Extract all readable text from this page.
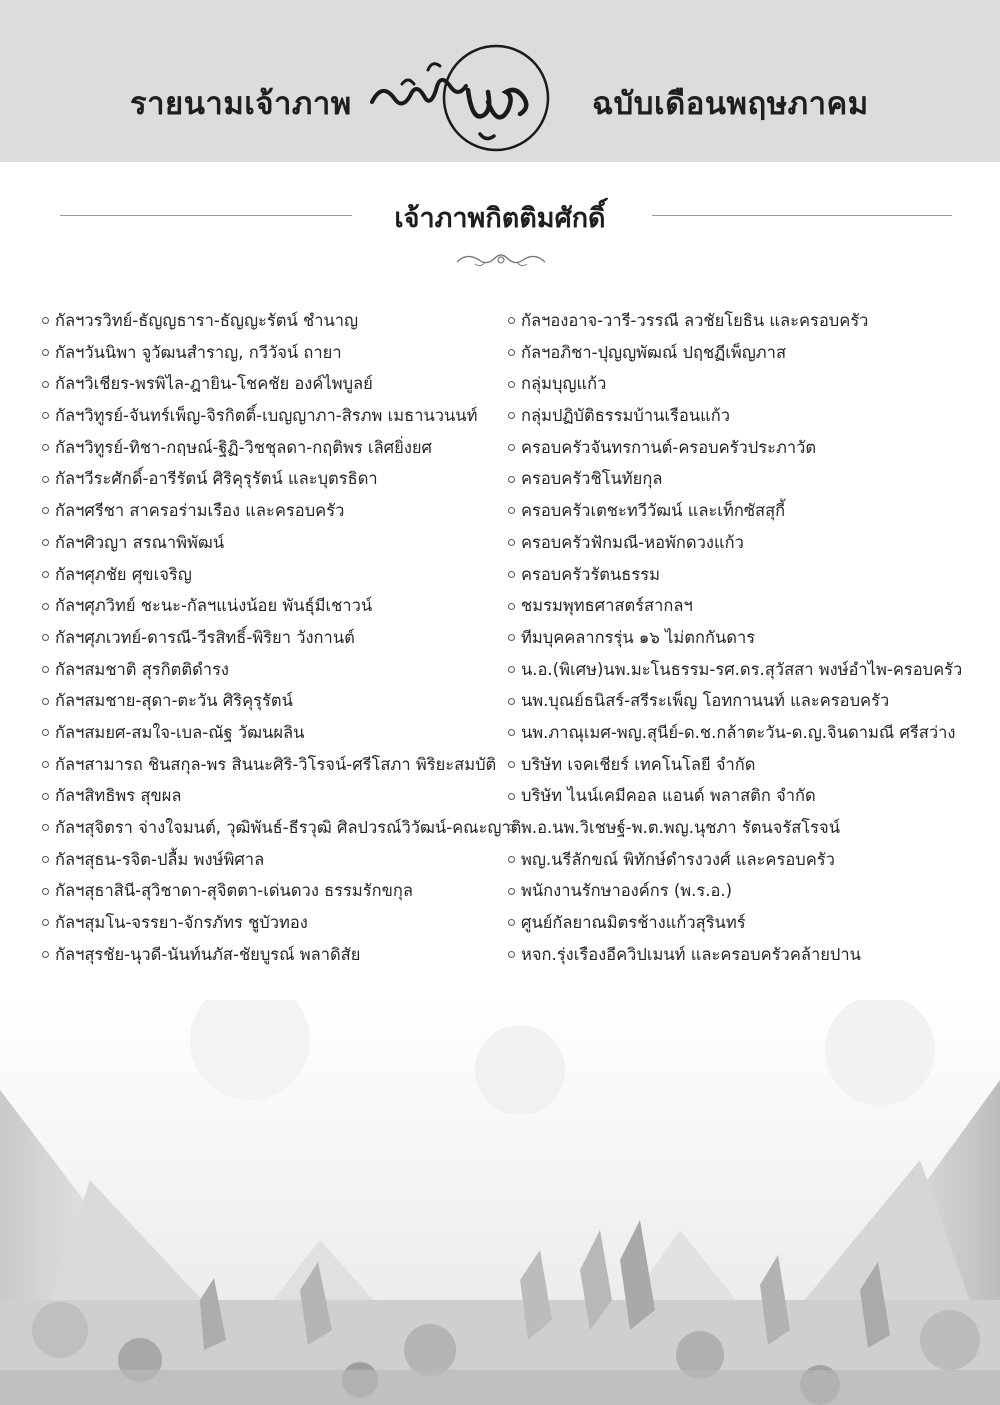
รายนามเจ้าภาพ	ฉบับเดือนพฤษภาคม
เจ้าภาพกิตติมศักดิ์
กัลฯวรวิทย์-ธัญญธารา-ธัญญะรัตน์ ชำนาญ
กัลฯวันนิพา จูวัฒนสำราญ, กวีวัจน์ ถายา
กัลฯวิเชียร-พรพิไล-ฎายิน-โชคชัย องค์ไพบูลย์
กัลฯวิทูรย์-จันทร์เพ็ญ-จิรกิตติ์-เบญญาภา-สิรภพ เมธานวนนท์
กัลฯวิทูรย์-ทิชา-กฤษณ์-ฐิฏิ-วิชชุลดา-กฤติพร เลิศยิ่งยศ
กัลฯวีระศักดิ์-อารีรัตน์ ศิริคุรุรัตน์ และบุตรธิดา
กัลฯศรีชา สาครอร่ามเรือง และครอบครัว
กัลฯศิวญา สรณาพิพัฒน์
กัลฯศุภชัย ศุขเจริญ
กัลฯศุภวิทย์ ชะนะ-กัลฯแน่งน้อย พันธุ์มีเชาวน์
กัลฯศุภเวทย์-ดารณี-วีรสิทธิ์-พิริยา วังกานต์
กัลฯสมชาติ สุรกิตติดำรง
กัลฯสมชาย-สุดา-ตะวัน ศิริคุรุรัตน์
กัลฯสมยศ-สมใจ-เบล-ณัฐ วัฒนผลิน
กัลฯสามารถ ชินสกุล-พร สินนะศิริ-วิโรจน์-ศรีโสภา พิริยะสมบัติ
กัลฯสิทธิพร สุขผล
กัลฯสุจิตรา จ่างใจมนต์, วุฒิพันธ์-ธีรวุฒิ ศิลปวรณ์วิวัฒน์-คณะญาติ
กัลฯสุธน-รจิต-ปลื้ม พงษ์พิศาล
กัลฯสุธาสินี-สุวิชาดา-สุจิตตา-เด่นดวง ธรรมรักขกุล
กัลฯสุมโน-จรรยา-จักรภัทร ชูบัวทอง
กัลฯสุรชัย-นุวดี-นันท์นภัส-ชัยบูรณ์ พลาดิสัย
กัลฯองอาจ-วารี-วรรณี ลวชัยโยธิน และครอบครัว
กัลฯอภิชา-ปุญญพัฒณ์ ปฤชฏีเพ็ญภาส
กลุ่มบุญแก้ว
กลุ่มปฏิบัติธรรมบ้านเรือนแก้ว
ครอบครัวจันทรกานต์-ครอบครัวประภาวัต
ครอบครัวชิโนทัยกุล
ครอบครัวเตชะทวีวัฒน์ และเท็กซัสสุกี้
ครอบครัวฟักมณี-หอพักดวงแก้ว
ครอบครัวรัตนธรรม
ชมรมพุทธศาสตร์สากลฯ
ทีมบุคคลากรรุ่น ๑๖ ไม่ตกกันดาร
น.อ.(พิเศษ)นพ.มะโนธรรม-รศ.ดร.สุวัสสา พงษ์อำไพ-ครอบครัว
นพ.บุณย์ธนิสร์-สรีระเพ็ญ โอทกานนท์ และครอบครัว
นพ.ภาณุเมศ-พญ.สุนีย์-ด.ช.กล้าตะวัน-ด.ญ.จินดามณี ศรีสว่าง
บริษัท เจคเชียร์ เทคโนโลยี จำกัด
บริษัท ไนน์เคมีคอล แอนด์ พลาสติก จำกัด
พ.อ.นพ.วิเชษฐ์-พ.ต.พญ.นุชภา รัตนจรัสโรจน์
พญ.นรีลักขณ์ พิทักษ์ดำรงวงศ์ และครอบครัว
พนักงานรักษาองค์กร (พ.ร.อ.)
ศูนย์กัลยาณมิตรช้างแก้วสุรินทร์
หจก.รุ่งเรืองอีควิปเมนท์ และครอบครัวคล้ายปาน
